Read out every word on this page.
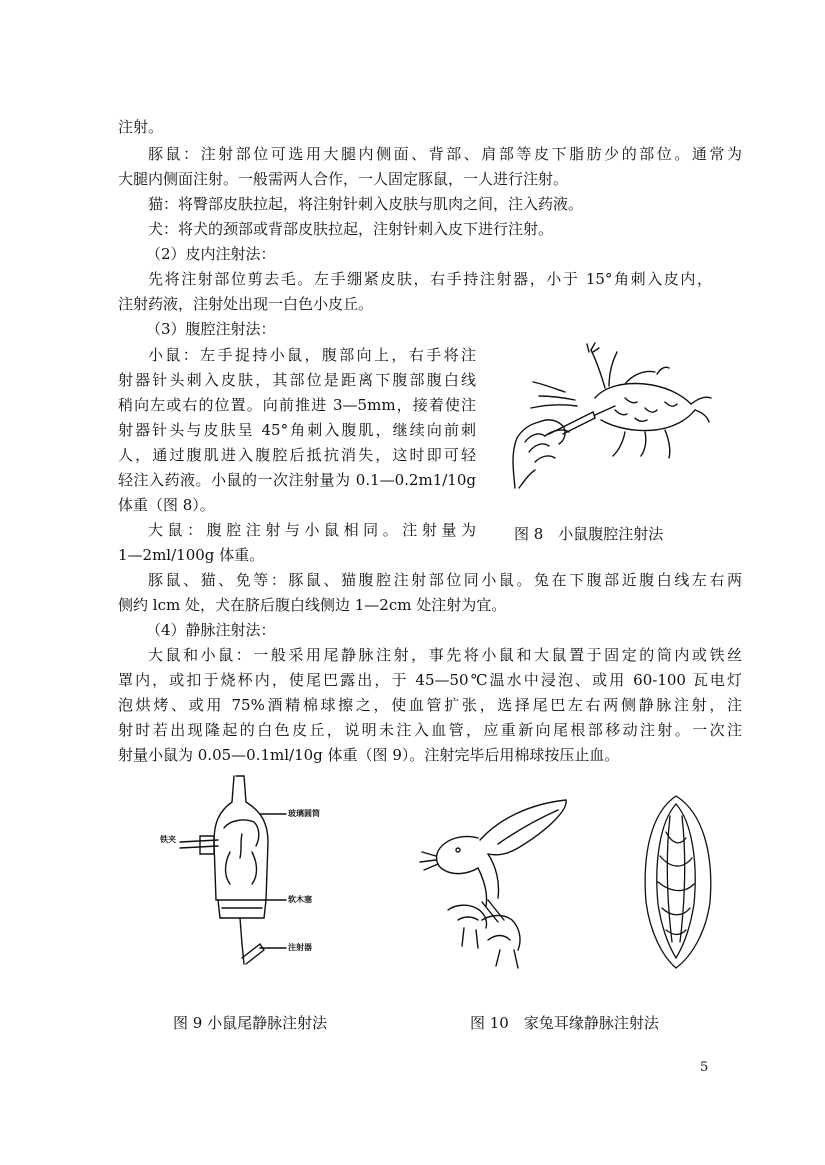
注射。
豚鼠：注射部位可选用大腿内侧面、背部、肩部等皮下脂肪少的部位。通常为
大腿内侧面注射。一般需两人合作，一人固定豚鼠，一人进行注射。
猫：将臀部皮肤拉起，将注射针刺入皮肤与肌肉之间，注入药液。
犬：将犬的颈部或背部皮肤拉起，注射针刺入皮下进行注射。
（2）皮内注射法：
先将注射部位剪去毛。左手绷紧皮肤，右手持注射器，小于 15°角刺入皮内，
注射药液，注射处出现一白色小皮丘。
（3）腹腔注射法：
小鼠：左手捉持小鼠，腹部向上，右手将注
射器针头刺入皮肤，其部位是距离下腹部腹白线
稍向左或右的位置。向前推进 3—5mm，接着使注
射器针头与皮肤呈 45°角刺入腹肌，继续向前刺
人，通过腹肌进入腹腔后抵抗消失，这时即可轻
轻注入药液。小鼠的一次注射量为 0.1—0.2m1/10g
体重（图 8）。
大鼠：腹腔注射与小鼠相同。注射量为
1—2ml/100g 体重。
豚鼠、猫、免等：豚鼠、猫腹腔注射部位同小鼠。兔在下腹部近腹白线左右两
侧约 lcm 处，犬在脐后腹白线侧边 1—2cm 处注射为宜。
（4）静脉注射法：
大鼠和小鼠：一般采用尾静脉注射，事先将小鼠和大鼠置于固定的筒内或铁丝
罩内，或扣于烧杯内，使尾巴露出，于 45—50℃温水中浸泡、或用 60-100 瓦电灯
泡烘烤、或用 75%酒精棉球擦之，使血管扩张，选择尾巴左右两侧静脉注射，注
射时若出现隆起的白色皮丘，说明未注入血管，应重新向尾根部移动注射。一次注
射量小鼠为 0.05—0.1ml/10g 体重（图 9）。注射完毕后用棉球按压止血。
图 8　小鼠腹腔注射法
玻璃圆筒
铁夹
软木塞
注射器
图 9 小鼠尾静脉注射法	图 10　家兔耳缘静脉注射法
5
